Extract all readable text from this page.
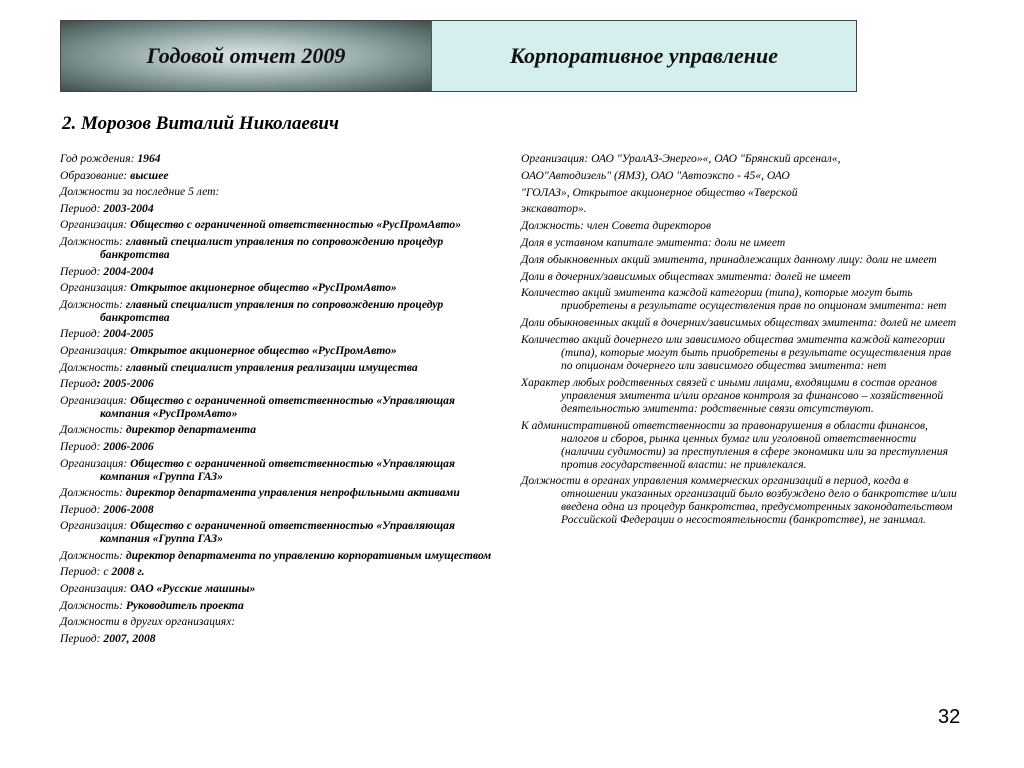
Годовой отчет 2009	Корпоративное управление
2. Морозов Виталий Николаевич
Год рождения: 1964
Образование: высшее
Должности за последние 5 лет:
Период: 2003-2004
Организация: Общество с ограниченной ответственностью «РусПромАвто»
Должность: главный специалист управления по сопровождению процедур банкротства
Период: 2004-2004
Организация: Открытое акционерное общество «РусПромАвто»
Должность: главный специалист управления по сопровождению процедур банкротства
Период: 2004-2005
Организация: Открытое акционерное общество «РусПромАвто»
Должность: главный специалист управления реализации имущества
Период: 2005-2006
Организация: Общество с ограниченной ответственностью «Управляющая компания «РусПромАвто»
Должность: директор департамента
Период: 2006-2006
Организация: Общество с ограниченной ответственностью «Управляющая компания «Группа ГАЗ»
Должность: директор департамента управления непрофильными активами
Период: 2006-2008
Организация: Общество с ограниченной ответственностью «Управляющая компания «Группа ГАЗ»
Должность: директор департамента по управлению корпоративным имуществом
Период: с 2008 г.
Организация: ОАО «Русские машины»
Должность: Руководитель проекта
Должности в других организациях:
Период: 2007, 2008
Организация: ОАО "УралАЗ-Энерго»«, ОАО "Брянский арсенал«,
ОАО"Автодизель" (ЯМЗ), ОАО "Автоэкспо - 45«, ОАО
"ГОЛАЗ», Открытое акционерное общество «Тверской
экскаватор».
Должность: член Совета директоров
Доля в уставном капитале эмитента: доли не имеет
Доля обыкновенных акций эмитента, принадлежащих данному лицу: доли не имеет
Доли в дочерних/зависимых обществах эмитента: долей не имеет
Количество акций эмитента каждой категории (типа), которые могут быть приобретены в результате осуществления прав по опционам эмитента: нет
Доли обыкновенных акций в дочерних/зависимых обществах эмитента: долей не имеет
Количество акций дочернего или зависимого общества эмитента каждой категории (типа), которые могут быть приобретены в результате осуществления прав по опционам дочернего или зависимого общества эмитента: нет
Характер любых родственных связей с иными лицами, входящими в состав органов управления эмитента и/или органов контроля за финансово – хозяйственной деятельностью эмитента: родственные связи отсутствуют.
К административной ответственности за правонарушения в области финансов, налогов и сборов, рынка ценных бумаг или уголовной ответственности (наличии судимости) за преступления в сфере экономики или за преступления против государственной власти: не привлекался.
Должности в органах управления коммерческих организаций в период, когда в отношении указанных организаций было возбуждено дело о банкротстве и/или введена одна из процедур банкротства, предусмотренных законодательством Российской Федерации о несостоятельности (банкротстве), не занимал.
32
